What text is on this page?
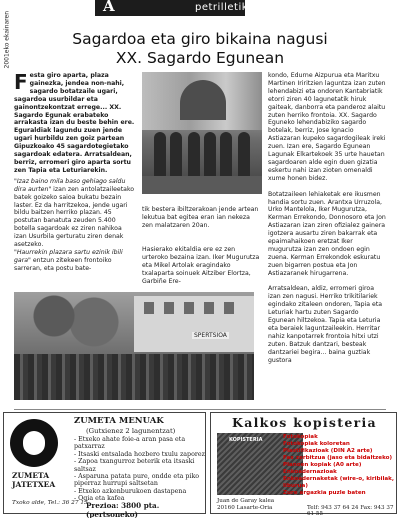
A	petrilletik
2001eko ekainaren	Sagardoa eta giro bikaina nagusi
XX. Sagardo Egunean

Festa giro aparta, plaza gainezka, jendea non-nahi, sagardo botatzaile ugari, sagardoa usurbildar eta gainontzekontzat errege... XX. Sagardo Egunak erabateko arrakasta izan du beste behin ere. Eguraldiak lagundu zuen jende ugari hurbildu zen goiz partean Gipuzkoako 45 sagardotegietako sagardoak edatera. Arratsaldean, berriz, erromeri giro aparta sortu zen Tapia eta Leturiarekin.

"Izaz baino mila baso gehiago saldu dira aurten" izan zen antolatzaileetako batek goizeko saioa bukatu bezain laster. Ez da harritzekoa, jende ugari bildu baitzen herriko plazan. 45 postutan banatuta zeuden 5.400 botella sagardoak ez ziren nahikoa izan Usurbila gerturatu ziren denak asetzeko.

"Haurrekin plazara sartu ezinik ibili gara" entzun zitekeen frontoiko sarreran, eta postu bate-

tik bestera ibiltzerakoan jende artean lekutua bat egitea eran ian nekeza zen malatzaren 20an.
Hasierako ekitaldia ere ez zen urteroko bezaina izan. Iker Mugurutza eta Mikel Artolak eragindako txalaparta soinuek Aitziber Elortza, Garbiñe Ere-
kondo, Edurne Aizpurua eta Maritxu Martinen Iriritzien laguntza izan zuten lehendabizi eta ondoren Kantabriatik etorri ziren 40 lagunetatik hiruk gaiteak, danborra eta panderoz alaitu zuten herriko frontoia. XX. Sagardo Eguneko lehendabiziko sagardo botelak, berriz, Jose Ignacio Astiazaran kupeko sagardogileak ireki zuen. Izan ere, Sagardo Egunean Lagunak Elkartekoek 35 urte hauetan sagardoaren alde egin duen gizatia eskertu nahi izan zioten omenaldi xume honen bidez.

Botatzaileen lehiaketak ere ikusmen handia sortu zuen. Arantxa Urruzola, Urko Mantelola, Iker Mugurutza, Kerman Errekondo, Donnosoro eta Jon Astiazaran izan ziren ofizialez gainera igotzera ausartu ziren bakarrak eta epaimahaikoen eretzat Iker mugurutza izan zen ondoen egin zuena. Kerman Errekondok eskuratu zuen bigarren postua eta Jon Astiazaranek hirugarrena.

Arratsaldean, aldiz, erromeri giroa izan zen nagusi. Herriko trikitilariek egindako zitaleen ondoren, Tapia eta Leturiak hartu zuten Sagardo Egunean hiltzekoa. Tapia eta Leturia eta beraiek laguntzaileekin. Herritar nahiz kanpotarrek frontoia hitxi utzi zuten. Batzuk dantzari, besteak dantzariei begira... baina guztiak gustora
SPERTSIOA
ZUMETA MENUAK
(Gutxienez 2 lagunentzat)
- Etxeko ahate foie-a aran pasa eta patxarraz
- Itsaski entsalada hozbero txulu zaporez
- Zapoa txangurroz beterik eta itsaski saltsaz
- Asparuna patata pure, ondde eta piko piperraz hurrupi saltsetan
- Etxeko azkenburukoen dastapena
- Ogia eta kafea
ZUMETA
JATETXEA
Txoko alde, Tel.: 36 27 13
Prezioa: 3800 pta. (pertsoneko)
Kalkos kopisteria
KOPISTERIA	Fotokopiak
Fotokopiak koloretan
Plastifikazioak (DIN A2 arte)
Fax zerbitzua (jaso eta bidaltzeko)
Planoen kopiak (A0 arte)
Enkoadernazioak
Enkoadernaketak (wire-o, kiribilak, liburua)
Zure argazkia puzle baten
Juan de Garay kalea
20160 Lasarte-Oria	Telf: 943 37 64 24 Fax: 943 37 61 55
